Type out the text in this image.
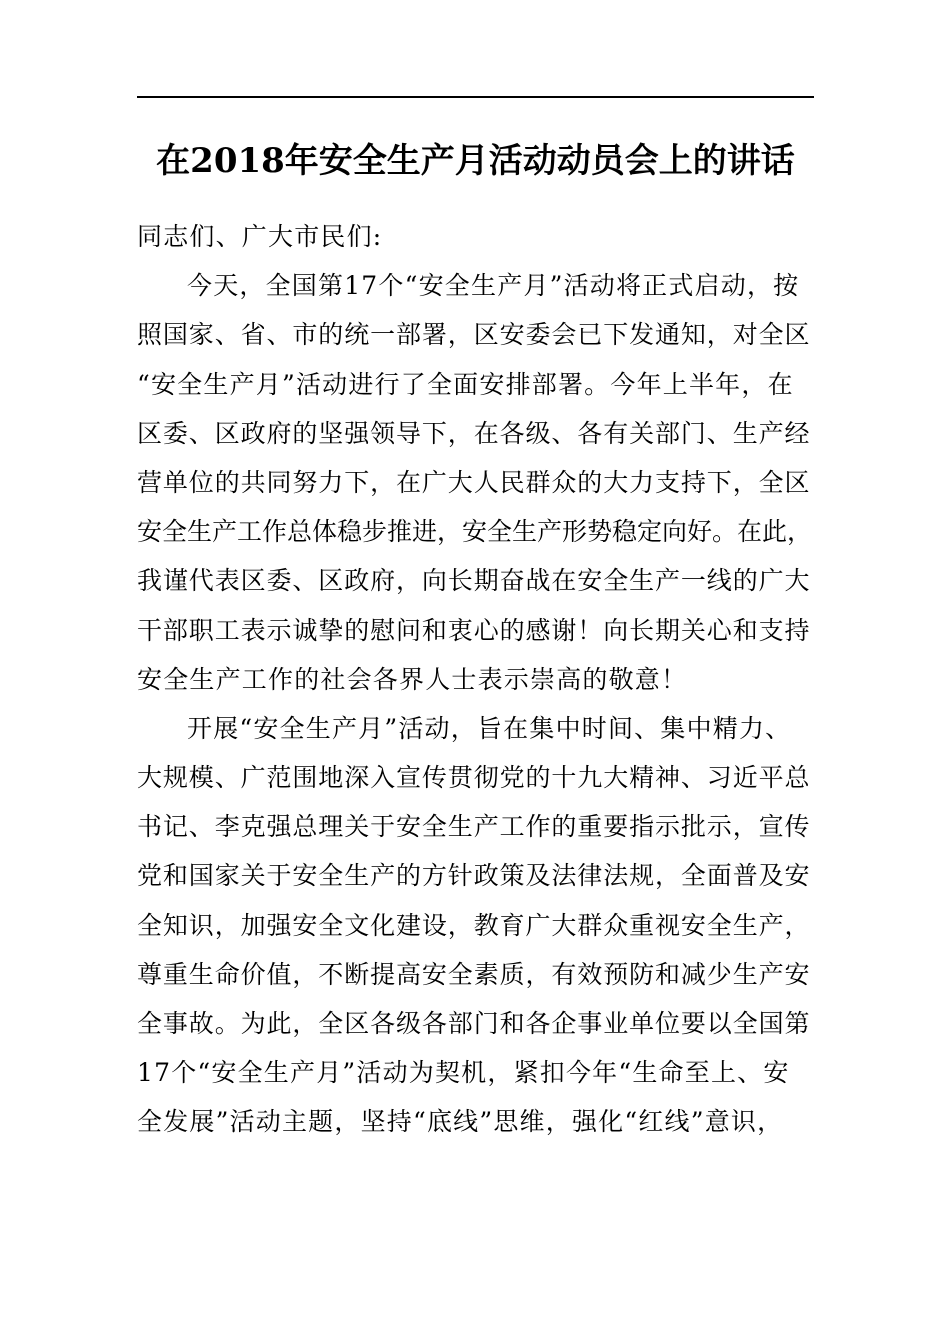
在2018年安全生产月活动动员会上的讲话
同志们、广大市民们:
今天，全国第17个“安全生产月”活动将正式启动，按
照国家、省、市的统一部署，区安委会已下发通知，对全区
“安全生产月”活动进行了全面安排部署。今年上半年，在
区委、区政府的坚强领导下，在各级、各有关部门、生产经
营单位的共同努力下，在广大人民群众的大力支持下，全区
安全生产工作总体稳步推进，安全生产形势稳定向好。在此，
我谨代表区委、区政府，向长期奋战在安全生产一线的广大
干部职工表示诚挚的慰问和衷心的感谢！向长期关心和支持
安全生产工作的社会各界人士表示崇高的敬意！
开展“安全生产月”活动，旨在集中时间、集中精力、
大规模、广范围地深入宣传贯彻党的十九大精神、习近平总
书记、李克强总理关于安全生产工作的重要指示批示，宣传
党和国家关于安全生产的方针政策及法律法规，全面普及安
全知识，加强安全文化建设，教育广大群众重视安全生产，
尊重生命价值，不断提高安全素质，有效预防和减少生产安
全事故。为此，全区各级各部门和各企事业单位要以全国第
17个“安全生产月”活动为契机，紧扣今年“生命至上、安
全发展”活动主题，坚持“底线”思维，强化“红线”意识，
